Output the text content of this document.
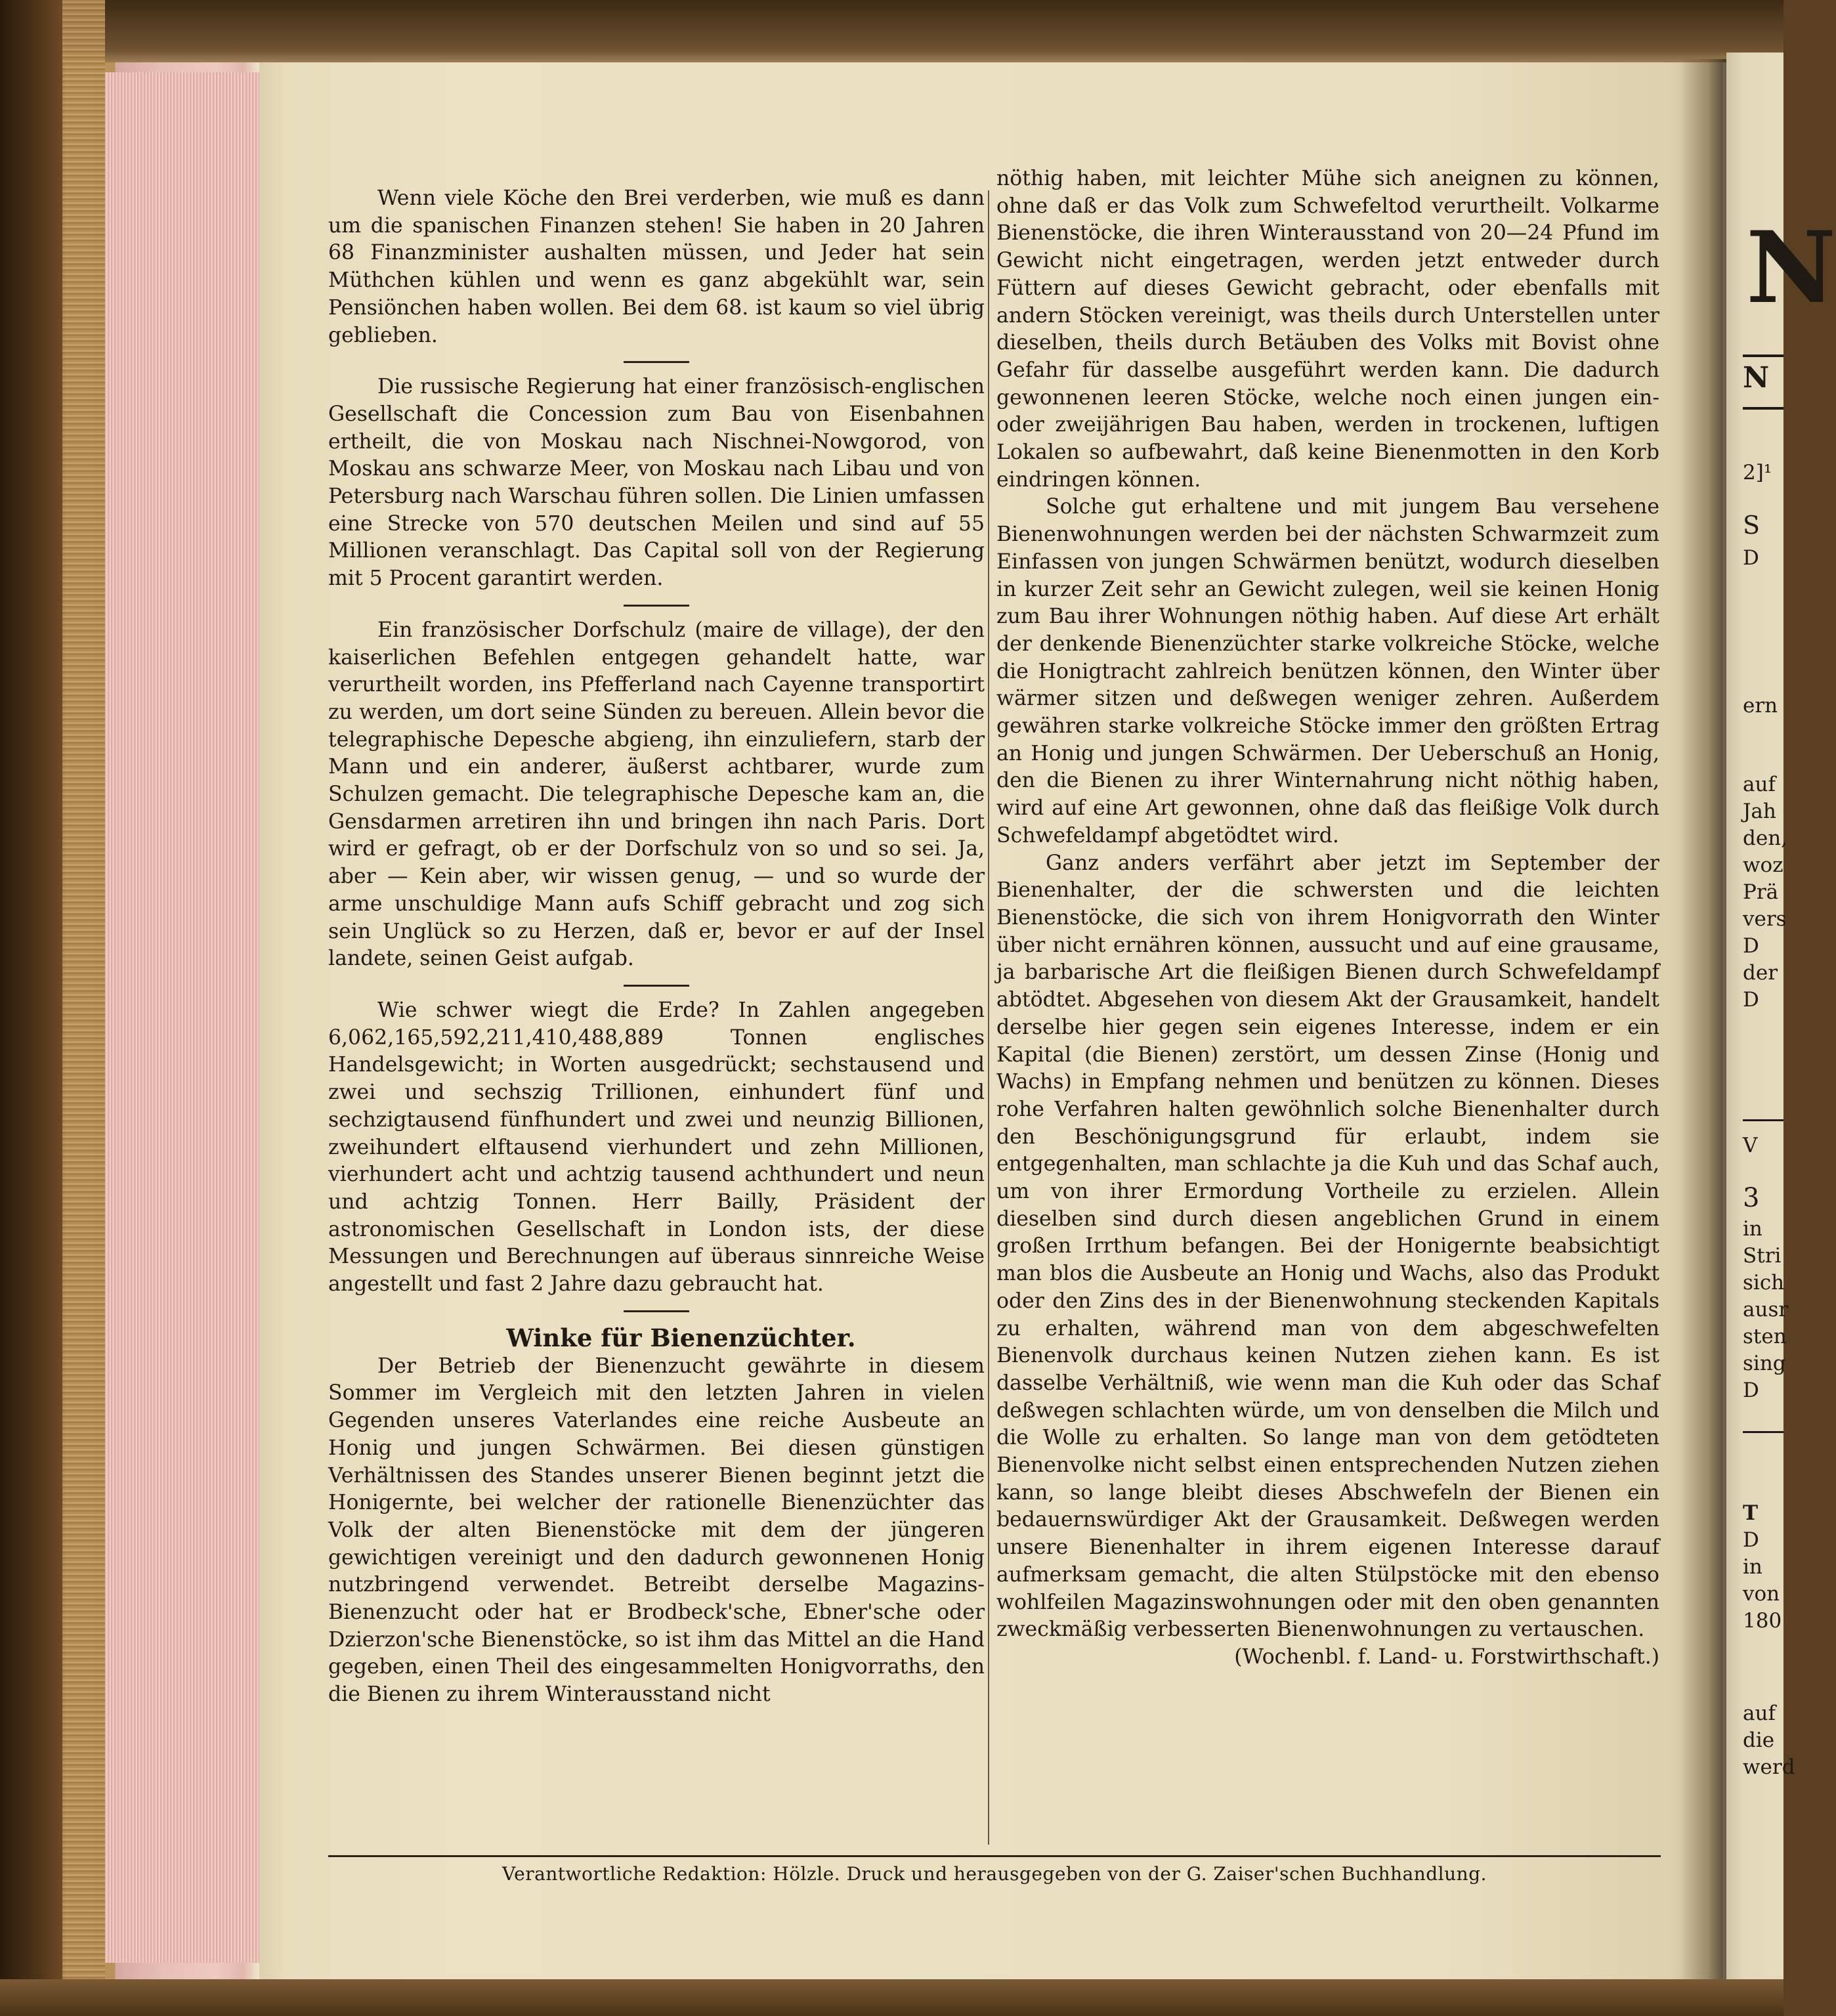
Wenn viele Köche den Brei verderben, wie muß es dann um die spanischen Finanzen stehen! Sie haben in 20 Jahren 68 Finanzminister aushalten müssen, und Jeder hat sein Müthchen kühlen und wenn es ganz abgekühlt war, sein Pensiönchen haben wollen. Bei dem 68. ist kaum so viel übrig geblieben.

Die russische Regierung hat einer französisch-englischen Gesellschaft die Concession zum Bau von Eisenbahnen ertheilt, die von Moskau nach Nischnei-Nowgorod, von Moskau ans schwarze Meer, von Moskau nach Libau und von Petersburg nach Warschau führen sollen. Die Linien umfassen eine Strecke von 570 deutschen Meilen und sind auf 55 Millionen veranschlagt. Das Capital soll von der Regierung mit 5 Procent garantirt werden.

Ein französischer Dorfschulz (maire de village), der den kaiserlichen Befehlen entgegen gehandelt hatte, war verurtheilt worden, ins Pfefferland nach Cayenne transportirt zu werden, um dort seine Sünden zu bereuen. Allein bevor die telegraphische Depesche abgieng, ihn einzuliefern, starb der Mann und ein anderer, äußerst achtbarer, wurde zum Schulzen gemacht. Die telegraphische Depesche kam an, die Gensdarmen arretiren ihn und bringen ihn nach Paris. Dort wird er gefragt, ob er der Dorfschulz von so und so sei. Ja, aber — Kein aber, wir wissen genug, — und so wurde der arme unschuldige Mann aufs Schiff gebracht und zog sich sein Unglück so zu Herzen, daß er, bevor er auf der Insel landete, seinen Geist aufgab.

Wie schwer wiegt die Erde? In Zahlen angegeben 6,062,165,592,211,410,488,889 Tonnen englisches Handelsgewicht; in Worten ausgedrückt; sechstausend und zwei und sechszig Trillionen, einhundert fünf und sechzigtausend fünfhundert und zwei und neunzig Billionen, zweihundert elftausend vierhundert und zehn Millionen, vierhundert acht und achtzig tausend achthundert und neun und achtzig Tonnen. Herr Bailly, Präsident der astronomischen Gesellschaft in London ists, der diese Messungen und Berechnungen auf überaus sinnreiche Weise angestellt und fast 2 Jahre dazu gebraucht hat.

Winke für Bienenzüchter.

Der Betrieb der Bienenzucht gewährte in diesem Sommer im Vergleich mit den letzten Jahren in vielen Gegenden unseres Vaterlandes eine reiche Ausbeute an Honig und jungen Schwärmen. Bei diesen günstigen Verhältnissen des Standes unserer Bienen beginnt jetzt die Honigernte, bei welcher der rationelle Bienenzüchter das Volk der alten Bienenstöcke mit dem der jüngeren gewichtigen vereinigt und den dadurch gewonnenen Honig nutzbringend verwendet. Betreibt derselbe Magazins-Bienenzucht oder hat er Brodbeck'sche, Ebner'sche oder Dzierzon'sche Bienenstöcke, so ist ihm das Mittel an die Hand gegeben, einen Theil des eingesammelten Honigvorraths, den die Bienen zu ihrem Winterausstand nicht

nöthig haben, mit leichter Mühe sich aneignen zu können, ohne daß er das Volk zum Schwefeltod verurtheilt. Volkarme Bienenstöcke, die ihren Winterausstand von 20—24 Pfund im Gewicht nicht eingetragen, werden jetzt entweder durch Füttern auf dieses Gewicht gebracht, oder ebenfalls mit andern Stöcken vereinigt, was theils durch Unterstellen unter dieselben, theils durch Betäuben des Volks mit Bovist ohne Gefahr für dasselbe ausgeführt werden kann. Die dadurch gewonnenen leeren Stöcke, welche noch einen jungen ein- oder zweijährigen Bau haben, werden in trockenen, luftigen Lokalen so aufbewahrt, daß keine Bienenmotten in den Korb eindringen können.

Solche gut erhaltene und mit jungem Bau versehene Bienenwohnungen werden bei der nächsten Schwarmzeit zum Einfassen von jungen Schwärmen benützt, wodurch dieselben in kurzer Zeit sehr an Gewicht zulegen, weil sie keinen Honig zum Bau ihrer Wohnungen nöthig haben. Auf diese Art erhält der denkende Bienenzüchter starke volkreiche Stöcke, welche die Honigtracht zahlreich benützen können, den Winter über wärmer sitzen und deßwegen weniger zehren. Außerdem gewähren starke volkreiche Stöcke immer den größten Ertrag an Honig und jungen Schwärmen. Der Ueberschuß an Honig, den die Bienen zu ihrer Winternahrung nicht nöthig haben, wird auf eine Art gewonnen, ohne daß das fleißige Volk durch Schwefeldampf abgetödtet wird.

Ganz anders verfährt aber jetzt im September der Bienenhalter, der die schwersten und die leichten Bienenstöcke, die sich von ihrem Honigvorrath den Winter über nicht ernähren können, aussucht und auf eine grausame, ja barbarische Art die fleißigen Bienen durch Schwefeldampf abtödtet. Abgesehen von diesem Akt der Grausamkeit, handelt derselbe hier gegen sein eigenes Interesse, indem er ein Kapital (die Bienen) zerstört, um dessen Zinse (Honig und Wachs) in Empfang nehmen und benützen zu können. Dieses rohe Verfahren halten gewöhnlich solche Bienenhalter durch den Beschönigungsgrund für erlaubt, indem sie entgegenhalten, man schlachte ja die Kuh und das Schaf auch, um von ihrer Ermordung Vortheile zu erzielen. Allein dieselben sind durch diesen angeblichen Grund in einem großen Irrthum befangen. Bei der Honigernte beabsichtigt man blos die Ausbeute an Honig und Wachs, also das Produkt oder den Zins des in der Bienenwohnung steckenden Kapitals zu erhalten, während man von dem abgeschwefelten Bienenvolk durchaus keinen Nutzen ziehen kann. Es ist dasselbe Verhältniß, wie wenn man die Kuh oder das Schaf deßwegen schlachten würde, um von denselben die Milch und die Wolle zu erhalten. So lange man von dem getödteten Bienenvolke nicht selbst einen entsprechenden Nutzen ziehen kann, so lange bleibt dieses Abschwefeln der Bienen ein bedauernswürdiger Akt der Grausamkeit. Deßwegen werden unsere Bienenhalter in ihrem eigenen Interesse darauf aufmerksam gemacht, die alten Stülpstöcke mit den ebenso wohlfeilen Magazinswohnungen oder mit den oben genannten zweckmäßig verbesserten Bienenwohnungen zu vertauschen.

(Wochenbl. f. Land- u. Forstwirthschaft.)

Verantwortliche Redaktion: Hölzle. Druck und herausgegeben von der G. Zaiser'schen Buchhandlung.
N
N
2]¹
S
D
ern
auf
Jah
den,
woz
Prä
vers
D
der
D
V
3
in
Stri
sich
ausr
sten
sing
D
T
D
in
von
180
auf
die
werd
